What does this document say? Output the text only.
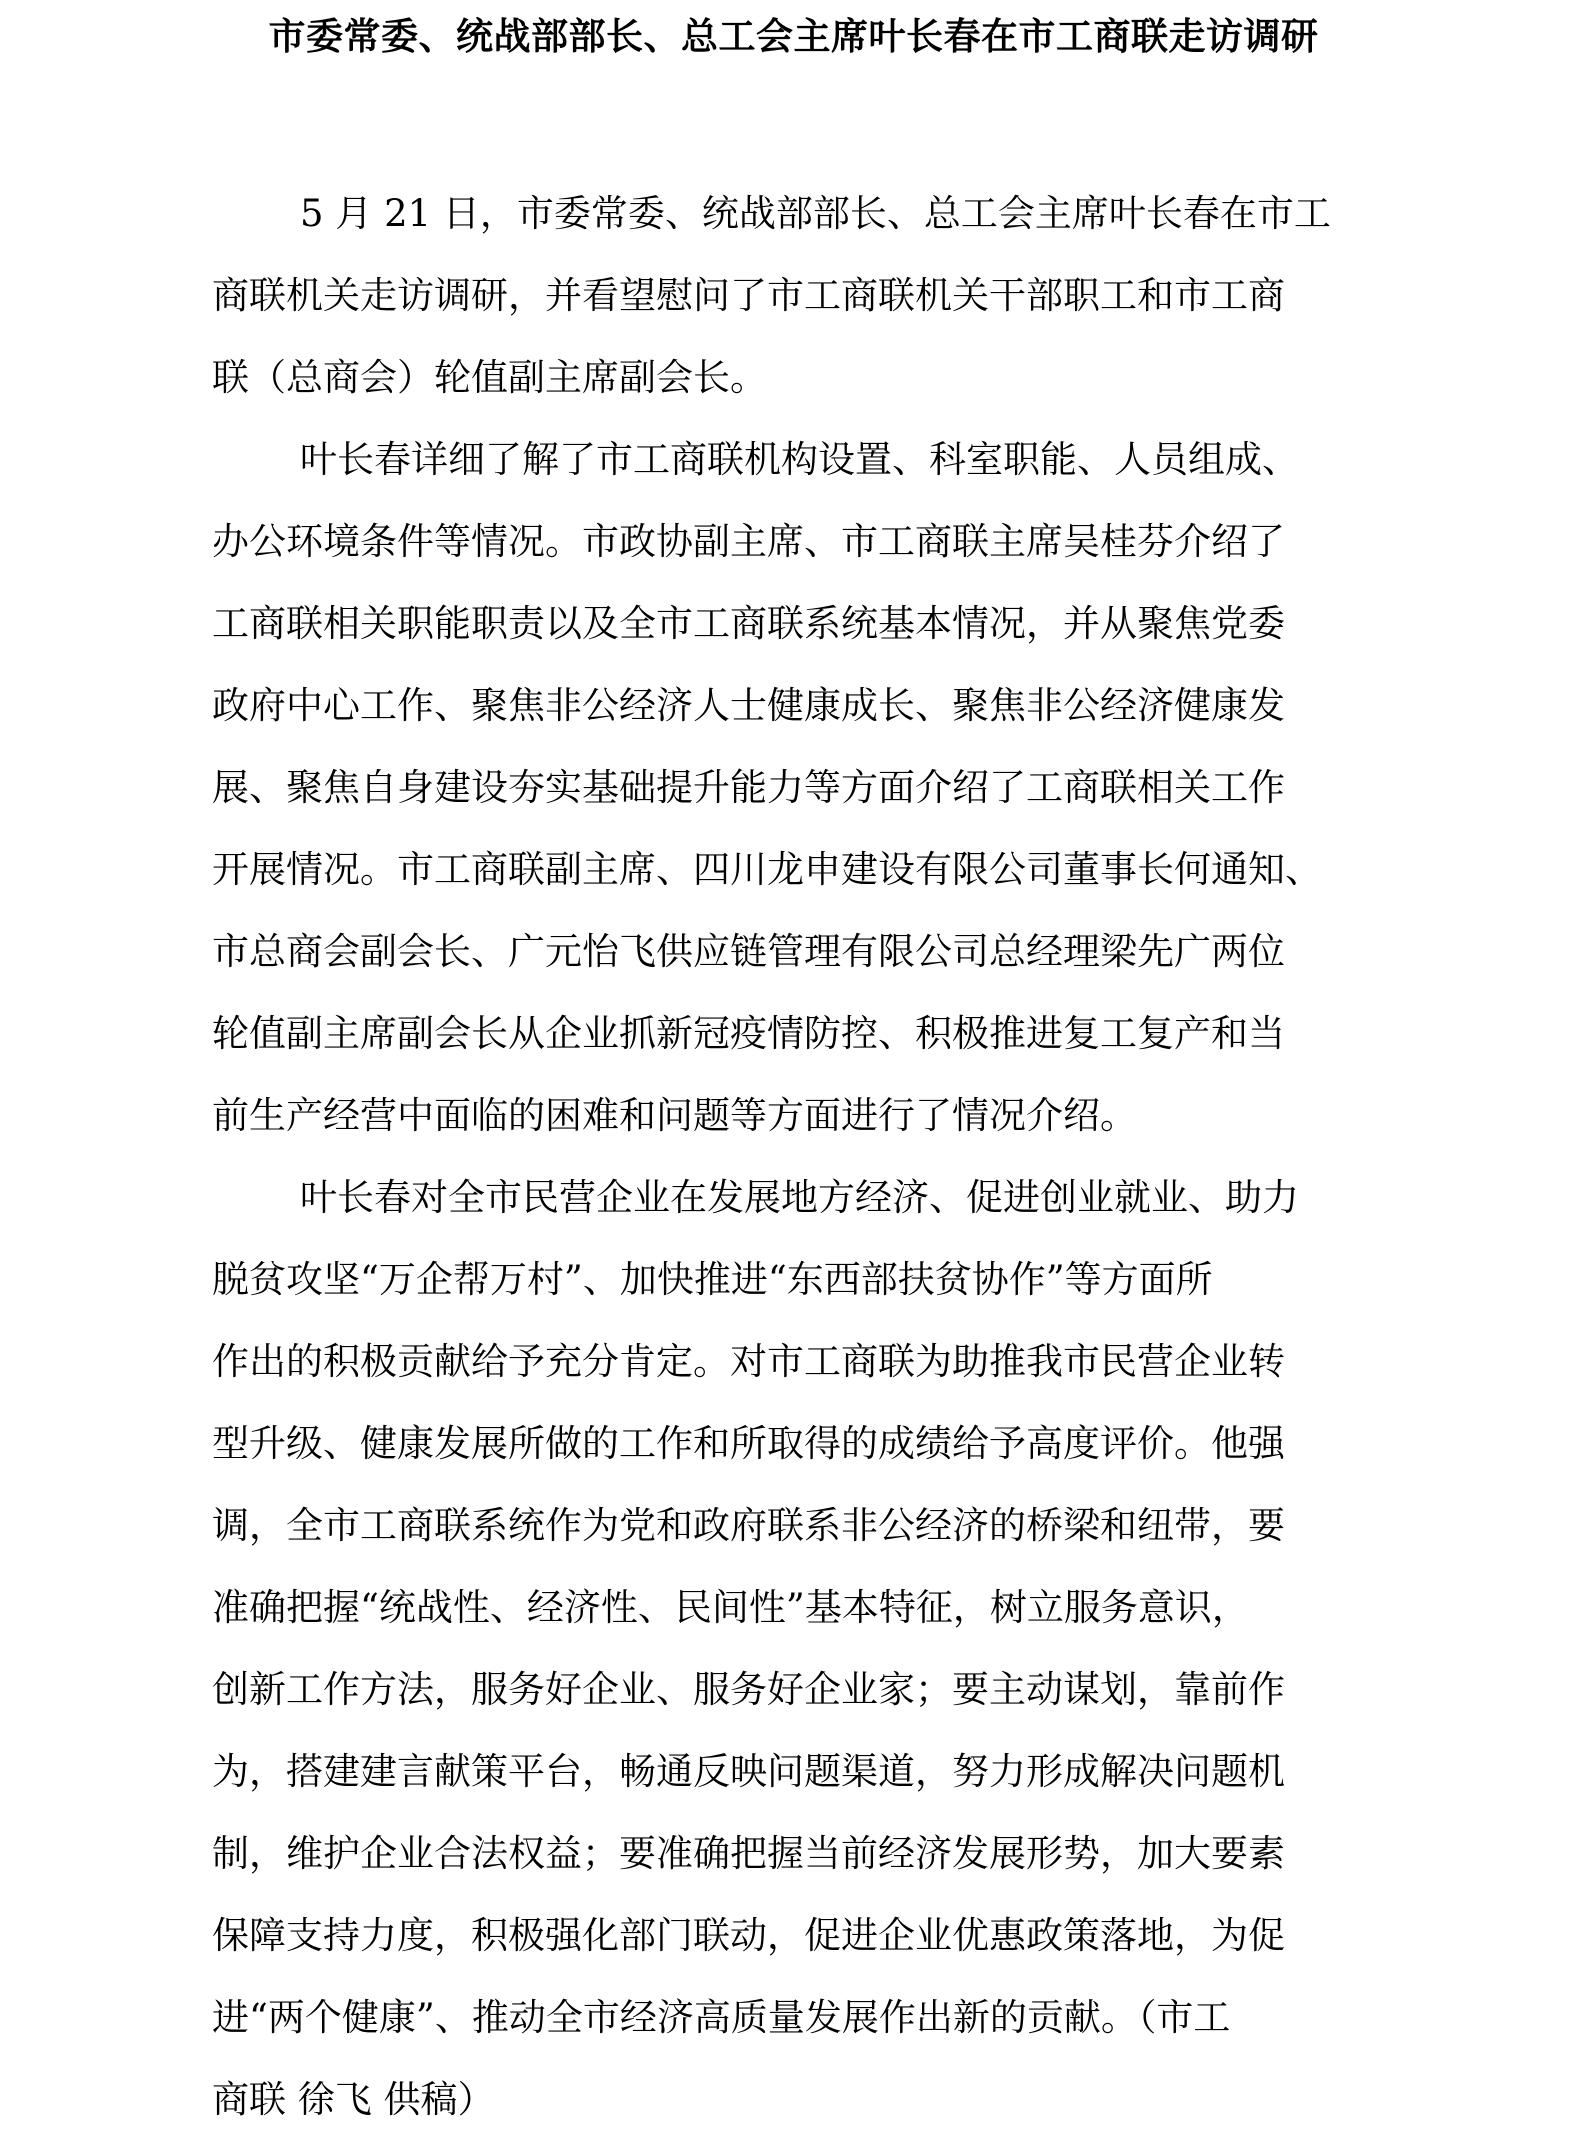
市委常委、统战部部长、总工会主席叶长春在市工商联走访调研
5 月 21 日，市委常委、统战部部长、总工会主席叶长春在市工
商联机关走访调研，并看望慰问了市工商联机关干部职工和市工商
联（总商会）轮值副主席副会长。
叶长春详细了解了市工商联机构设置、科室职能、人员组成、
办公环境条件等情况。市政协副主席、市工商联主席吴桂芬介绍了
工商联相关职能职责以及全市工商联系统基本情况，并从聚焦党委
政府中心工作、聚焦非公经济人士健康成长、聚焦非公经济健康发
展、聚焦自身建设夯实基础提升能力等方面介绍了工商联相关工作
开展情况。市工商联副主席、四川龙申建设有限公司董事长何通知、
市总商会副会长、广元怡飞供应链管理有限公司总经理梁先广两位
轮值副主席副会长从企业抓新冠疫情防控、积极推进复工复产和当
前生产经营中面临的困难和问题等方面进行了情况介绍。
叶长春对全市民营企业在发展地方经济、促进创业就业、助力
脱贫攻坚“万企帮万村”、加快推进“东西部扶贫协作”等方面所
作出的积极贡献给予充分肯定。对市工商联为助推我市民营企业转
型升级、健康发展所做的工作和所取得的成绩给予高度评价。他强
调，全市工商联系统作为党和政府联系非公经济的桥梁和纽带，要
准确把握“统战性、经济性、民间性”基本特征，树立服务意识，
创新工作方法，服务好企业、服务好企业家；要主动谋划，靠前作
为，搭建建言献策平台，畅通反映问题渠道，努力形成解决问题机
制，维护企业合法权益；要准确把握当前经济发展形势，加大要素
保障支持力度，积极强化部门联动，促进企业优惠政策落地，为促
进“两个健康”、推动全市经济高质量发展作出新的贡献。（市工
商联 徐飞 供稿）
